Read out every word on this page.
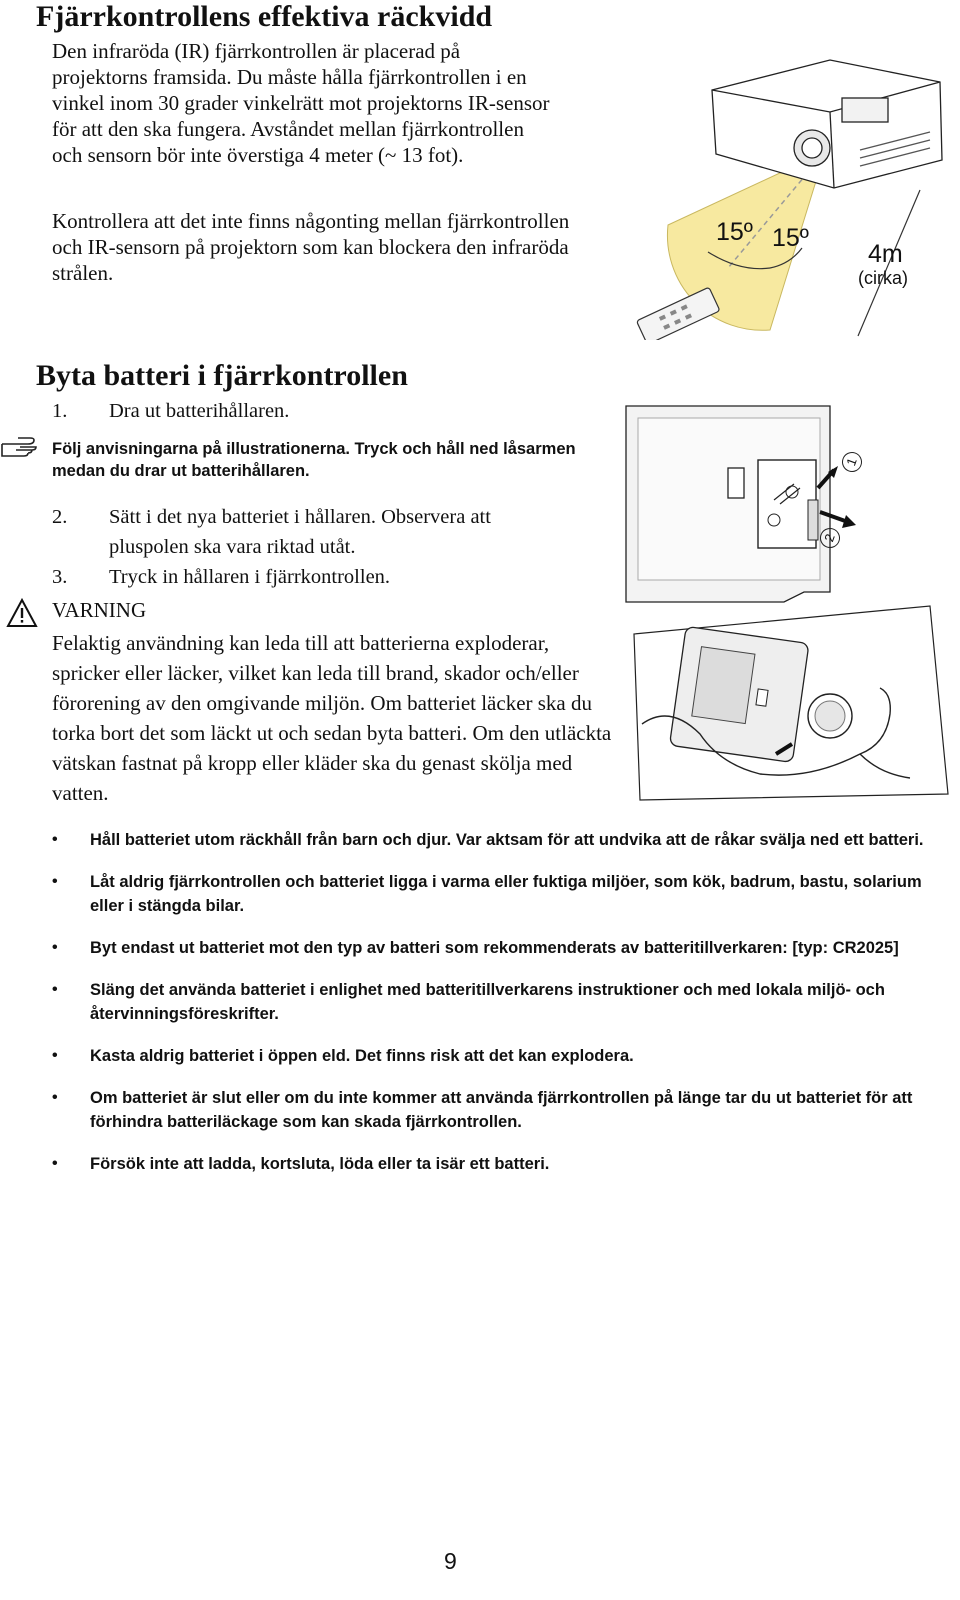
Fjärrkontrollens effektiva räckvidd

Den infraröda (IR) fjärrkontrollen är placerad på projektorns framsida. Du måste hålla fjärrkontrollen i en vinkel inom 30 grader vinkelrätt mot projektorns IR-sensor för att den ska fungera. Avståndet mellan fjärrkontrollen och sensorn bör inte överstiga 4 meter (~ 13 fot).

Kontrollera att det inte finns någonting mellan fjärrkontrollen och IR-sensorn på projektorn som kan blockera den infraröda strålen.

15º 15º
4m
(cirka)
Byta batteri i fjärrkontrollen
1. Dra ut batterihållaren.
Följ anvisningarna på illustrationerna. Tryck och håll ned låsarmen medan du drar ut batterihållaren.
2. Sätt i det nya batteriet i hållaren. Observera att
pluspolen ska vara riktad utåt.
3. Tryck in hållaren i fjärrkontrollen.
VARNING
Felaktig användning kan leda till att batterierna exploderar, spricker eller läcker, vilket kan leda till brand, skador och/eller förorening av den omgivande miljön. Om batteriet läcker ska du torka bort det som läckt ut och sedan byta batteri. Om den utläckta vätskan fastnat på kropp eller kläder ska du genast skölja med vatten.
1
2
• Håll batteriet utom räckhåll från barn och djur. Var aktsam för att undvika att de råkar svälja ned ett batteri.
• Låt aldrig fjärrkontrollen och batteriet ligga i varma eller fuktiga miljöer, som kök, badrum, bastu, solarium eller i stängda bilar.
• Byt endast ut batteriet mot den typ av batteri som rekommenderats av batteritillverkaren: [typ: CR2025]
• Släng det använda batteriet i enlighet med batteritillverkarens instruktioner och med lokala miljö- och återvinningsföreskrifter.
• Kasta aldrig batteriet i öppen eld. Det finns risk att det kan explodera.
• Om batteriet är slut eller om du inte kommer att använda fjärrkontrollen på länge tar du ut batteriet för att förhindra batteriläckage som kan skada fjärrkontrollen.
• Försök inte att ladda, kortsluta, löda eller ta isär ett batteri.
9
